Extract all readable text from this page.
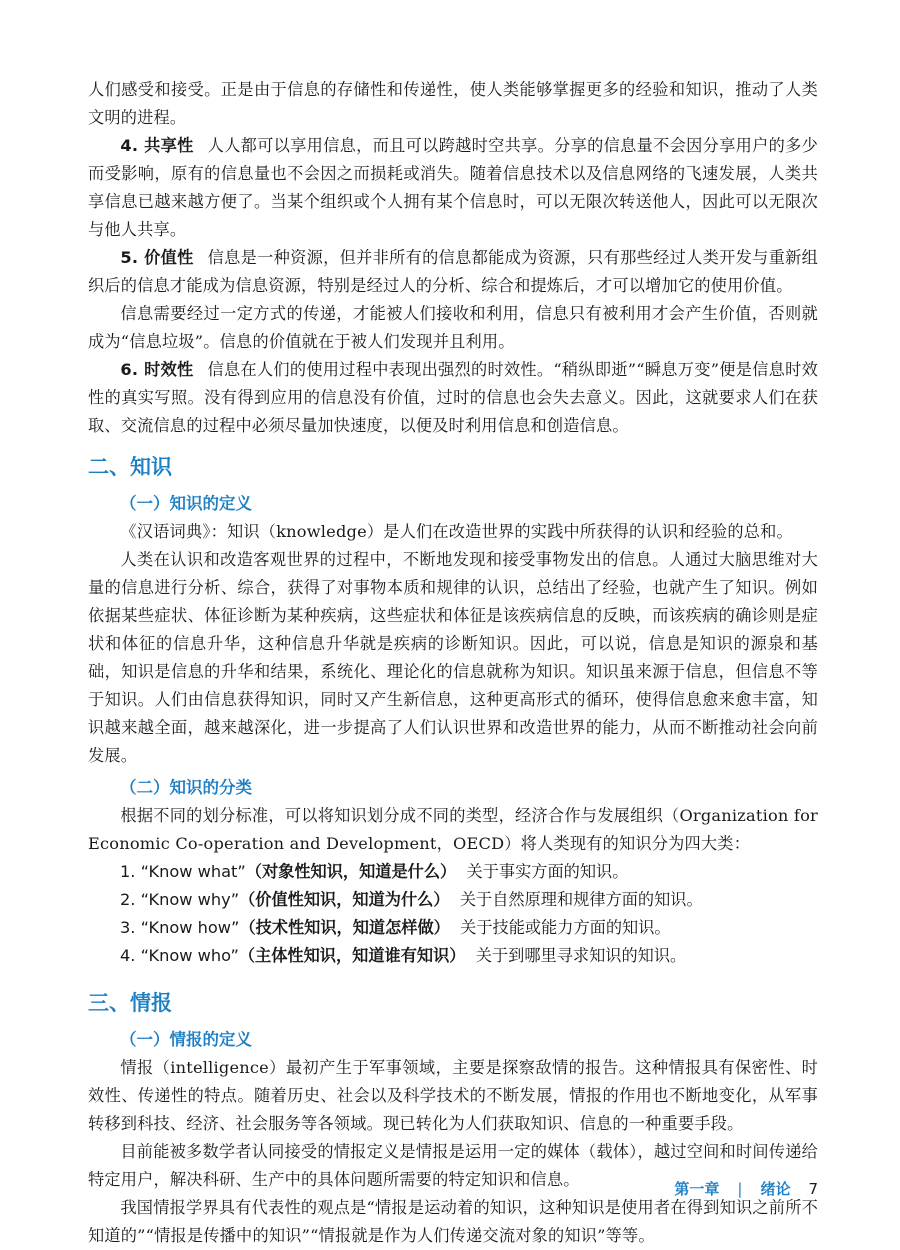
人们感受和接受。正是由于信息的存储性和传递性，使人类能够掌握更多的经验和知识，推动了人类文明的进程。

4. 共享性 人人都可以享用信息，而且可以跨越时空共享。分享的信息量不会因分享用户的多少而受影响，原有的信息量也不会因之而损耗或消失。随着信息技术以及信息网络的飞速发展，人类共享信息已越来越方便了。当某个组织或个人拥有某个信息时，可以无限次转送他人，因此可以无限次与他人共享。

5. 价值性 信息是一种资源，但并非所有的信息都能成为资源，只有那些经过人类开发与重新组织后的信息才能成为信息资源，特别是经过人的分析、综合和提炼后，才可以增加它的使用价值。

信息需要经过一定方式的传递，才能被人们接收和利用，信息只有被利用才会产生价值，否则就成为“信息垃圾”。信息的价值就在于被人们发现并且利用。

6. 时效性 信息在人们的使用过程中表现出强烈的时效性。“稍纵即逝”“瞬息万变”便是信息时效性的真实写照。没有得到应用的信息没有价值，过时的信息也会失去意义。因此，这就要求人们在获取、交流信息的过程中必须尽量加快速度，以便及时利用信息和创造信息。

二、知识
（一）知识的定义

《汉语词典》：知识（knowledge）是人们在改造世界的实践中所获得的认识和经验的总和。

人类在认识和改造客观世界的过程中，不断地发现和接受事物发出的信息。人通过大脑思维对大量的信息进行分析、综合，获得了对事物本质和规律的认识，总结出了经验，也就产生了知识。例如依据某些症状、体征诊断为某种疾病，这些症状和体征是该疾病信息的反映，而该疾病的确诊则是症状和体征的信息升华，这种信息升华就是疾病的诊断知识。因此，可以说，信息是知识的源泉和基础，知识是信息的升华和结果，系统化、理论化的信息就称为知识。知识虽来源于信息，但信息不等于知识。人们由信息获得知识，同时又产生新信息，这种更高形式的循环，使得信息愈来愈丰富，知识越来越全面，越来越深化，进一步提高了人们认识世界和改造世界的能力，从而不断推动社会向前发展。

（二）知识的分类

根据不同的划分标准，可以将知识划分成不同的类型，经济合作与发展组织（Organization for Economic Co-operation and Development，OECD）将人类现有的知识分为四大类：

1. “Know what”（对象性知识，知道是什么） 关于事实方面的知识。
2. “Know why”（价值性知识，知道为什么） 关于自然原理和规律方面的知识。
3. “Know how”（技术性知识，知道怎样做） 关于技能或能力方面的知识。
4. “Know who”（主体性知识，知道谁有知识） 关于到哪里寻求知识的知识。
三、情报
（一）情报的定义

情报（intelligence）最初产生于军事领域，主要是探察敌情的报告。这种情报具有保密性、时效性、传递性的特点。随着历史、社会以及科学技术的不断发展，情报的作用也不断地变化，从军事转移到科技、经济、社会服务等各领域。现已转化为人们获取知识、信息的一种重要手段。

目前能被多数学者认同接受的情报定义是情报是运用一定的媒体（载体），越过空间和时间传递给特定用户，解决科研、生产中的具体问题所需要的特定知识和信息。

我国情报学界具有代表性的观点是“情报是运动着的知识，这种知识是使用者在得到知识之前所不知道的”“情报是传播中的知识”“情报就是作为人们传递交流对象的知识”等等。

第一章 | 绪论 7
